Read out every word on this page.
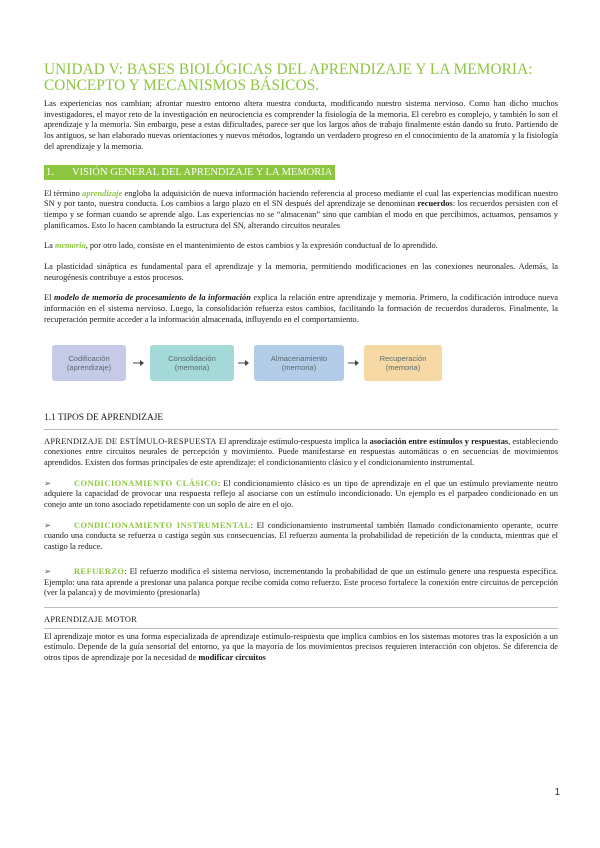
UNIDAD V: BASES BIOLÓGICAS DEL APRENDIZAJE Y LA MEMORIA: CONCEPTO Y MECANISMOS BÁSICOS.

Las experiencias nos cambian; afrontar nuestro entorno altera nuestra conducta, modificando nuestro sistema nervioso. Como han dicho muchos investigadores, el mayor reto de la investigación en neurociencia es comprender la fisiología de la memoria. El cerebro es complejo, y también lo son el aprendizaje y la memoria. Sin embargo, pese a estas dificultades, parece ser que los largos años de trabajo finalmente están dando su fruto. Partiendo de los antiguos, se han elaborado nuevas orientaciones y nuevos métodos, logrando un verdadero progreso en el conocimiento de la anatomía y la fisiología del aprendizaje y la memoria.

1. VISIÓN GENERAL DEL APRENDIZAJE Y LA MEMORIA

El término aprendizaje engloba la adquisición de nueva información haciendo referencia al proceso mediante el cual las experiencias modifican nuestro SN y por tanto, nuestra conducta. Los cambios a largo plazo en el SN después del aprendizaje se denominan recuerdos: los recuerdos persisten con el tiempo y se forman cuando se aprende algo. Las experiencias no se “almacenan” sino que cambian el modo en que percibimos, actuamos, pensamos y planificamos. Esto lo hacen cambiando la estructura del SN, alterando circuitos neurales

La memoria, por otro lado, consiste en el mantenimiento de estos cambios y la expresión conductual de lo aprendido.

La plasticidad sináptica es fundamental para el aprendizaje y la memoria, permitiendo modificaciones en las conexiones neuronales. Además, la neurogénesis contribuye a estos procesos.

El modelo de memoria de procesamiento de la información explica la relación entre aprendizaje y memoria. Primero, la codificación introduce nueva información en el sistema nervioso. Luego, la consolidación refuerza estos cambios, facilitando la formación de recuerdos duraderos. Finalmente, la recuperación permite acceder a la información almacenada, influyendo en el comportamiento.

Codificación
(aprendizaje)
Consolidación
(memoria)
Almacenamiento
(memoria)
Recuperación
(memoria)
1.1 TIPOS DE APRENDIZAJE

APRENDIZAJE DE ESTÍMULO-RESPUESTA El aprendizaje estímulo-respuesta implica la asociación entre estímulos y respuestas, estableciendo conexiones entre circuitos neurales de percepción y movimiento. Puede manifestarse en respuestas automáticas o en secuencias de movimientos aprendidos. Existen dos formas principales de este aprendizaje: el condicionamiento clásico y el condicionamiento instrumental.

➢	CONDICIONAMIENTO CLÁSICO: El condicionamiento clásico es un tipo de aprendizaje en el que un estímulo previamente neutro adquiere la capacidad de provocar una respuesta reflejo al asociarse con un estímulo incondicionado. Un ejemplo es el parpadeo condicionado en un conejo ante un tono asociado repetidamente con un soplo de aire en el ojo.

➢	CONDICIONAMIENTO INSTRUMENTAL: El condicionamiento instrumental también llamado condicionamiento operante, ocurre cuando una conducta se refuerza o castiga según sus consecuencias. El refuerzo aumenta la probabilidad de repetición de la conducta, mientras que el castigo la reduce.

➢	REFUERZO: El refuerzo modifica el sistema nervioso, incrementando la probabilidad de que un estímulo genere una respuesta específica. Ejemplo: una rata aprende a presionar una palanca porque recibe comida como refuerzo. Este proceso fortalece la conexión entre circuitos de percepción (ver la palanca) y de movimiento (presionarla)

APRENDIZAJE MOTOR

El aprendizaje motor es una forma especializada de aprendizaje estímulo-respuesta que implica cambios en los sistemas motores tras la exposición a un estímulo. Depende de la guía sensorial del entorno, ya que la mayoría de los movimientos precisos requieren interacción con objetos. Se diferencia de otros tipos de aprendizaje por la necesidad de modificar circuitos

1
